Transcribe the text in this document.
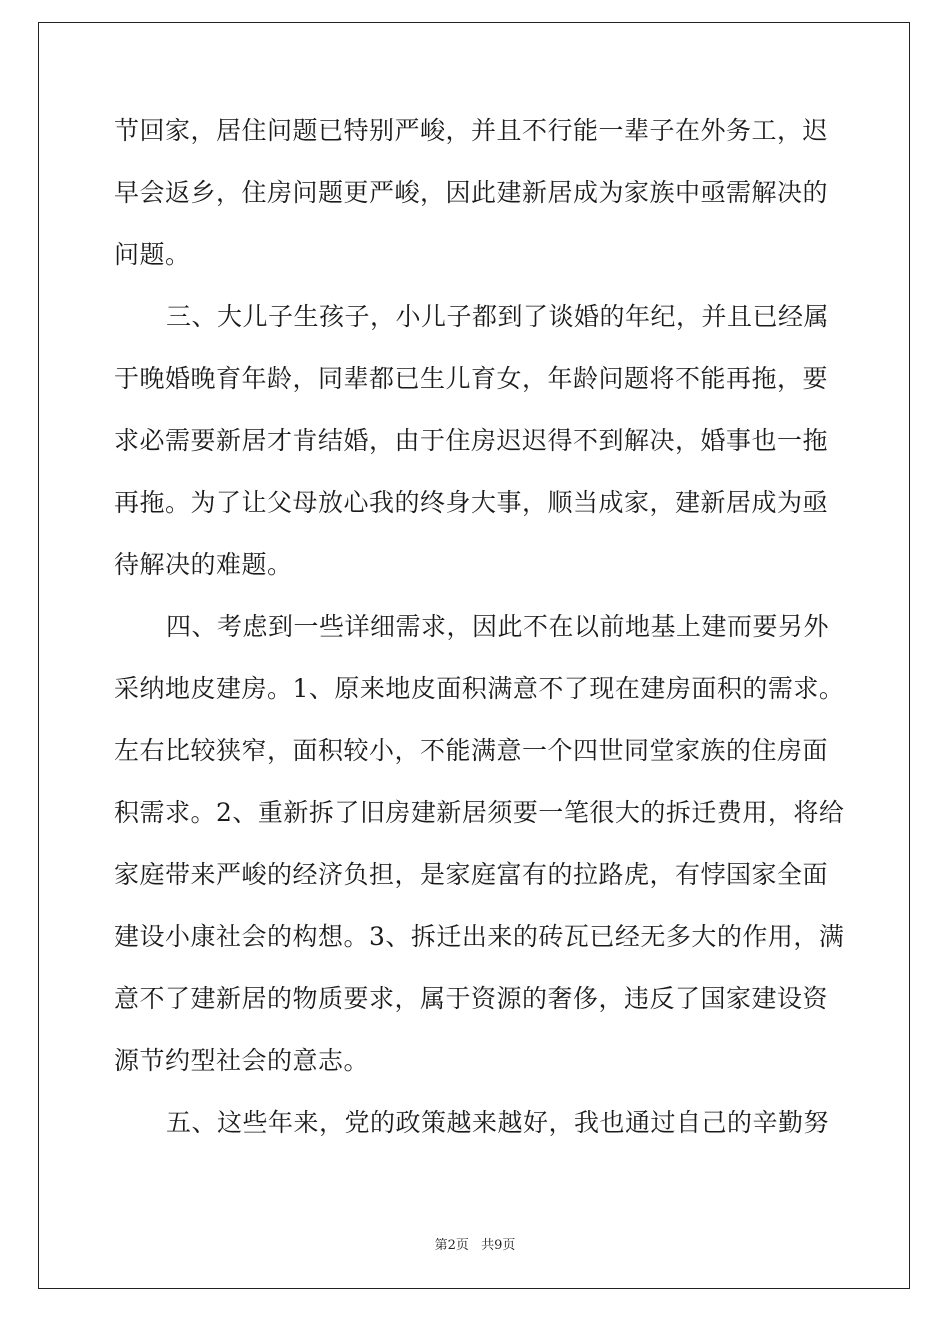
节回家，居住问题已特别严峻，并且不行能一辈子在外务工，迟
早会返乡，住房问题更严峻，因此建新居成为家族中亟需解决的
问题。
三、大儿子生孩子，小儿子都到了谈婚的年纪，并且已经属
于晚婚晚育年龄，同辈都已生儿育女，年龄问题将不能再拖，要
求必需要新居才肯结婚，由于住房迟迟得不到解决，婚事也一拖
再拖。为了让父母放心我的终身大事，顺当成家，建新居成为亟
待解决的难题。
四、考虑到一些详细需求，因此不在以前地基上建而要另外
采纳地皮建房。1、原来地皮面积满意不了现在建房面积的需求。
左右比较狭窄，面积较小，不能满意一个四世同堂家族的住房面
积需求。2、重新拆了旧房建新居须要一笔很大的拆迁费用，将给
家庭带来严峻的经济负担，是家庭富有的拉路虎，有悖国家全面
建设小康社会的构想。3、拆迁出来的砖瓦已经无多大的作用，满
意不了建新居的物质要求，属于资源的奢侈，违反了国家建设资
源节约型社会的意志。
五、这些年来，党的政策越来越好，我也通过自己的辛勤努
第2页 共9页
